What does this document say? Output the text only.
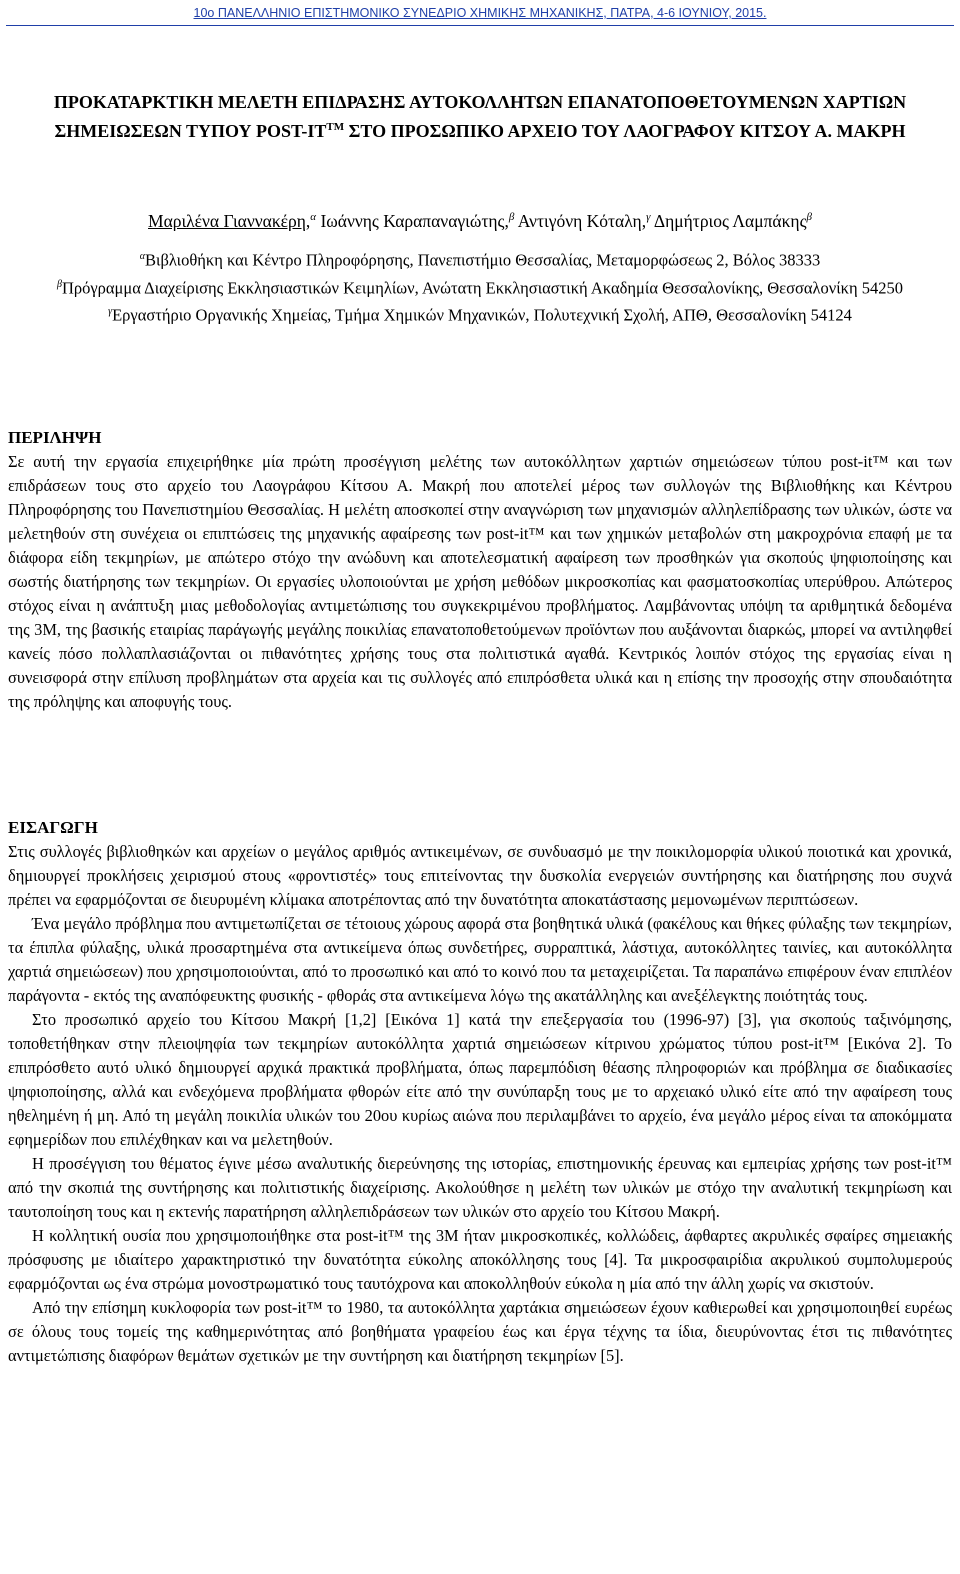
10ο ΠΑΝΕΛΛΗΝΙΟ ΕΠΙΣΤΗΜΟΝΙΚΟ ΣΥΝΕΔΡΙΟ ΧΗΜΙΚΗΣ ΜΗΧΑΝΙΚΗΣ, ΠΑΤΡΑ, 4-6 ΙΟΥΝΙΟΥ, 2015.
ΠΡΟΚΑΤΑΡΚΤΙΚΗ ΜΕΛΕΤΗ ΕΠΙΔΡΑΣΗΣ ΑΥΤΟΚΟΛΛΗΤΩΝ ΕΠΑΝΑΤΟΠΟΘΕΤΟΥΜΕΝΩΝ ΧΑΡΤΙΩΝ ΣΗΜΕΙΩΣΕΩΝ ΤΥΠΟΥ POST-IT™ ΣΤΟ ΠΡΟΣΩΠΙΚΟ ΑΡΧΕΙΟ ΤΟΥ ΛΑΟΓΡΑΦΟΥ ΚΙΤΣΟΥ Α. ΜΑΚΡΗ
Μαριλένα Γιαννακέρη,$^\alpha$ Ιωάννης Καραπαναγιώτης,$^\beta$ Αντιγόνη Κόταλη,$^\gamma$ Δημήτριος Λαμπάκης$^\beta$
$^\alpha$Βιβλιοθήκη και Κέντρο Πληροφόρησης, Πανεπιστήμιο Θεσσαλίας, Μεταμορφώσεως 2, Βόλος 38333
$^\beta$Πρόγραμμα Διαχείρισης Εκκλησιαστικών Κειμηλίων, Ανώτατη Εκκλησιαστική Ακαδημία Θεσσαλονίκης, Θεσσαλονίκη 54250
$^\gamma$Εργαστήριο Οργανικής Χημείας, Τμήμα Χημικών Μηχανικών, Πολυτεχνική Σχολή, ΑΠΘ, Θεσσαλονίκη 54124
ΠΕΡΙΛΗΨΗ

Σε αυτή την εργασία επιχειρήθηκε μία πρώτη προσέγγιση μελέτης των αυτοκόλλητων χαρτιών σημειώσεων τύπου post-it™ και των επιδράσεων τους στο αρχείο του Λαογράφου Κίτσου Α. Μακρή που αποτελεί μέρος των συλλογών της Βιβλιοθήκης και Κέντρου Πληροφόρησης του Πανεπιστημίου Θεσσαλίας. Η μελέτη αποσκοπεί στην αναγνώριση των μηχανισμών αλληλεπίδρασης των υλικών, ώστε να μελετηθούν στη συνέχεια οι επιπτώσεις της μηχανικής αφαίρεσης των post-it™ και των χημικών μεταβολών στη μακροχρόνια επαφή με τα διάφορα είδη τεκμηρίων, με απώτερο στόχο την ανώδυνη και αποτελεσματική αφαίρεση των προσθηκών για σκοπούς ψηφιοποίησης και σωστής διατήρησης των τεκμηρίων. Οι εργασίες υλοποιούνται με χρήση μεθόδων μικροσκοπίας και φασματοσκοπίας υπερύθρου. Απώτερος στόχος είναι η ανάπτυξη μιας μεθοδολογίας αντιμετώπισης του συγκεκριμένου προβλήματος. Λαμβάνοντας υπόψη τα αριθμητικά δεδομένα της 3M, της βασικής εταιρίας παράγωγής μεγάλης ποικιλίας επανατοποθετούμενων προϊόντων που αυξάνονται διαρκώς, μπορεί να αντιληφθεί κανείς πόσο πολλαπλασιάζονται οι πιθανότητες χρήσης τους στα πολιτιστικά αγαθά. Κεντρικός λοιπόν στόχος της εργασίας είναι η συνεισφορά στην επίλυση προβλημάτων στα αρχεία και τις συλλογές από επιπρόσθετα υλικά και η επίσης την προσοχής στην σπουδαιότητα της πρόληψης και αποφυγής τους.

ΕΙΣΑΓΩΓΗ

Στις συλλογές βιβλιοθηκών και αρχείων ο μεγάλος αριθμός αντικειμένων, σε συνδυασμό με την ποικιλομορφία υλικού ποιοτικά και χρονικά, δημιουργεί προκλήσεις χειρισμού στους «φροντιστές» τους επιτείνοντας την δυσκολία ενεργειών συντήρησης και διατήρησης που συχνά πρέπει να εφαρμόζονται σε διευρυμένη κλίμακα αποτρέποντας από την δυνατότητα αποκατάστασης μεμονωμένων περιπτώσεων.

Ένα μεγάλο πρόβλημα που αντιμετωπίζεται σε τέτοιους χώρους αφορά στα βοηθητικά υλικά (φακέλους και θήκες φύλαξης των τεκμηρίων, τα έπιπλα φύλαξης, υλικά προσαρτημένα στα αντικείμενα όπως συνδετήρες, συρραπτικά, λάστιχα, αυτοκόλλητες ταινίες, και αυτοκόλλητα χαρτιά σημειώσεων) που χρησιμοποιούνται, από το προσωπικό και από το κοινό που τα μεταχειρίζεται. Τα παραπάνω επιφέρουν έναν επιπλέον παράγοντα - εκτός της αναπόφευκτης φυσικής - φθοράς στα αντικείμενα λόγω της ακατάλληλης και ανεξέλεγκτης ποιότητάς τους.

Στο προσωπικό αρχείο του Κίτσου Μακρή [1,2] [Εικόνα 1] κατά την επεξεργασία του (1996-97) [3], για σκοπούς ταξινόμησης, τοποθετήθηκαν στην πλειοψηφία των τεκμηρίων αυτοκόλλητα χαρτιά σημειώσεων κίτρινου χρώματος τύπου post-it™ [Εικόνα 2]. Το επιπρόσθετο αυτό υλικό δημιουργεί αρχικά πρακτικά προβλήματα, όπως παρεμπόδιση θέασης πληροφοριών και πρόβλημα σε διαδικασίες ψηφιοποίησης, αλλά και ενδεχόμενα προβλήματα φθορών είτε από την συνύπαρξη τους με το αρχειακό υλικό είτε από την αφαίρεση τους ηθελημένη ή μη. Από τη μεγάλη ποικιλία υλικών του 20ου κυρίως αιώνα που περιλαμβάνει το αρχείο, ένα μεγάλο μέρος είναι τα αποκόμματα εφημερίδων που επιλέχθηκαν και να μελετηθούν.

Η προσέγγιση του θέματος έγινε μέσω αναλυτικής διερεύνησης της ιστορίας, επιστημονικής έρευνας και εμπειρίας χρήσης των post-it™ από την σκοπιά της συντήρησης και πολιτιστικής διαχείρισης. Ακολούθησε η μελέτη των υλικών με στόχο την αναλυτική τεκμηρίωση και ταυτοποίηση τους και η εκτενής παρατήρηση αλληλεπιδράσεων των υλικών στο αρχείο του Κίτσου Μακρή.

Η κολλητική ουσία που χρησιμοποιήθηκε στα post-it™ της 3M ήταν μικροσκοπικές, κολλώδεις, άφθαρτες ακρυλικές σφαίρες σημειακής πρόσφυσης με ιδιαίτερο χαρακτηριστικό την δυνατότητα εύκολης αποκόλλησης τους [4]. Τα μικροσφαιρίδια ακρυλικού συμπολυμερούς εφαρμόζονται ως ένα στρώμα μονοστρωματικό τους ταυτόχρονα και αποκολληθούν εύκολα η μία από την άλλη χωρίς να σκιστούν.

Από την επίσημη κυκλοφορία των post-it™ το 1980, τα αυτοκόλλητα χαρτάκια σημειώσεων έχουν καθιερωθεί και χρησιμοποιηθεί ευρέως σε όλους τους τομείς της καθημερινότητας από βοηθήματα γραφείου έως και έργα τέχνης τα ίδια, διευρύνοντας έτσι τις πιθανότητες αντιμετώπισης διαφόρων θεμάτων σχετικών με την συντήρηση και διατήρηση τεκμηρίων [5].
